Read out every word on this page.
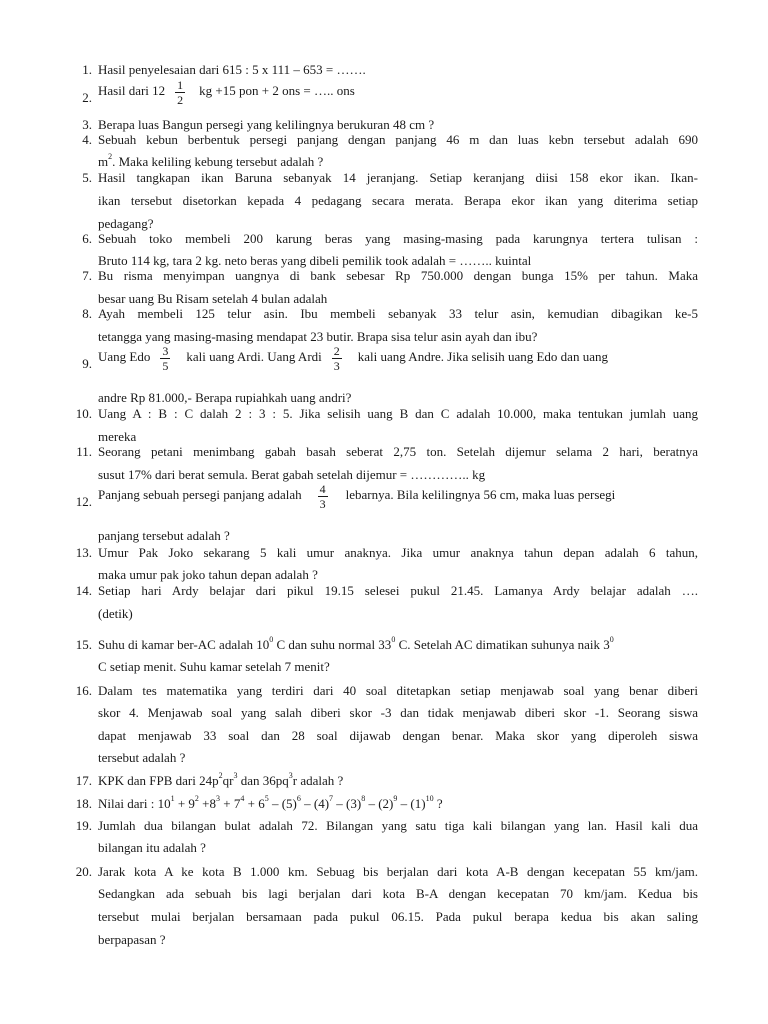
1. Hasil penyelesaian dari 615 : 5 x 111 – 653 = …….
2. Hasil dari $12 \frac{1}{2}$ kg +15 pon + 2 ons = ….. ons
3. Berapa luas Bangun persegi yang kelilingnya berukuran 48 cm ?
4. Sebuah kebun berbentuk persegi panjang dengan panjang 46 m dan luas kebn tersebut adalah 690
$m^2$. Maka keliling kebung tersebut adalah ?
5. Hasil tangkapan ikan Baruna sebanyak 14 jeranjang. Setiap keranjang diisi 158 ekor ikan. Ikan-
ikan tersebut disetorkan kepada 4 pedagang secara merata. Berapa ekor ikan yang diterima setiap
pedagang?
6. Sebuah toko membeli 200 karung beras yang masing-masing pada karungnya tertera tulisan :
Bruto 114 kg, tara 2 kg. neto beras yang dibeli pemilik took adalah = …….. kuintal
7. Bu risma menyimpan uangnya di bank sebesar Rp 750.000 dengan bunga 15% per tahun. Maka
besar uang Bu Risam setelah 4 bulan adalah
8. Ayah membeli 125 telur asin. Ibu membeli sebanyak 33 telur asin, kemudian dibagikan ke-5
tetangga yang masing-masing mendapat 23 butir. Brapa sisa telur asin ayah dan ibu?
9. Uang Edo $\frac{3}{5}$ kali uang Ardi. Uang Ardi $\frac{2}{3}$ kali uang Andre. Jika selisih uang Edo dan uang
andre Rp 81.000,- Berapa rupiahkah uang andri?
10. Uang A : B : C dalah 2 : 3 : 5. Jika selisih uang B dan C adalah 10.000, maka tentukan jumlah uang
mereka
11. Seorang petani menimbang gabah basah seberat 2,75 ton. Setelah dijemur selama 2 hari, beratnya
susut 17% dari berat semula. Berat gabah setelah dijemur = ………….. kg
12. Panjang sebuah persegi panjang adalah $\frac{4}{3}$ lebarnya. Bila kelilingnya 56 cm, maka luas persegi
panjang tersebut adalah ?
13. Umur Pak Joko sekarang 5 kali umur anaknya. Jika umur anaknya tahun depan adalah 6 tahun,
maka umur pak joko tahun depan adalah ?
14. Setiap hari Ardy belajar dari pikul 19.15 selesei pukul 21.45. Lamanya Ardy belajar adalah ….
(detik)
15. Suhu di kamar ber-AC adalah $10^0$ C dan suhu normal $33^0$ C. Setelah AC dimatikan suhunya naik $3^0$
C setiap menit. Suhu kamar setelah 7 menit?
16. Dalam tes matematika yang terdiri dari 40 soal ditetapkan setiap menjawab soal yang benar diberi
skor 4. Menjawab soal yang salah diberi skor -3 dan tidak menjawab diberi skor -1. Seorang siswa
dapat menjawab 33 soal dan 28 soal dijawab dengan benar. Maka skor yang diperoleh siswa
tersebut adalah ?
17. KPK dan FPB dari $24p^2qr^3$ dan $36pq^3r$ adalah ?
18. Nilai dari : $10^1 + 9^2 +8^3 + 7^4 + 6^5 - (5)^6 - (4)^7 - (3)^8 - (2)^9 - (1)^{10}$ ?
19. Jumlah dua bilangan bulat adalah 72. Bilangan yang satu tiga kali bilangan yang lan. Hasil kali dua
bilangan itu adalah ?
20. Jarak kota A ke kota B 1.000 km. Sebuag bis berjalan dari kota A-B dengan kecepatan 55 km/jam.
Sedangkan ada sebuah bis lagi berjalan dari kota B-A dengan kecepatan 70 km/jam. Kedua bis
tersebut mulai berjalan bersamaan pada pukul 06.15. Pada pukul berapa kedua bis akan saling
berpapasan ?
